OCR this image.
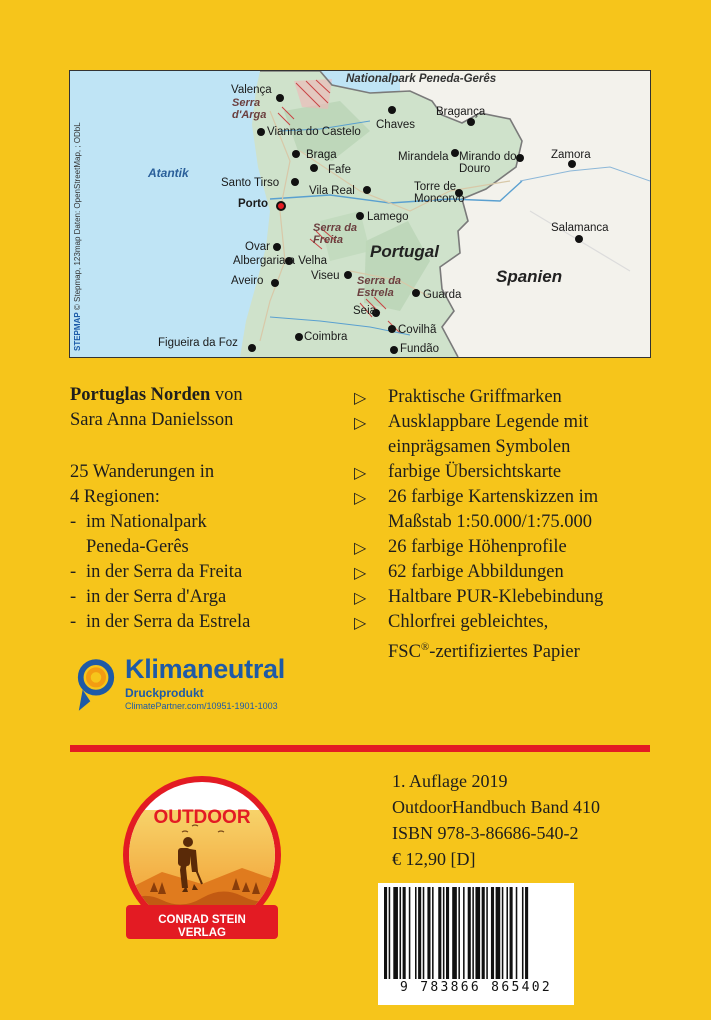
STEPMAP © Stepmap, 123map Daten: OpenStreetMap, ; ODbL
Nationalpark Peneda-Gerês
Atantik
Portugal
Spanien
Valença
Serra d'Arga
Vianna do Castelo
Braga
Fafe
Santo Tirso
Vila Real
Porto
Lamego
Serra da Freita
Ovar
Albergaria a Velha
Viseu
Aveiro	Serra da Estrela	Guarda
Seia
Covilhã
Coimbra
Fundão
Figueira da Foz
Chaves
Bragança
Mirandela Mirando do Douro
Torre de Moncorvo
Zamora
Salamanca
Portuglas Norden von
Sara Anna Danielsson
25 Wanderungen in
4 Regionen:
- im Nationalpark
Peneda-Gerês
- in der Serra da Freita
- in der Serra d'Arga
- in der Serra da Estrela
▷	Praktische Griffmarken
▷	Ausklappbare Legende mit
einprägsamen Symbolen
▷	farbige Übersichtskarte
▷	26 farbige Kartenskizzen im
Maßstab 1:50.000/1:75.000
▷	26 farbige Höhenprofile
▷	62 farbige Abbildungen
▷	Haltbare PUR-Klebebindung
▷	Chlorfrei gebleichtes,
FSC®-zertifiziertes Papier
Klimaneutral
Druckprodukt
ClimatePartner.com/10951-1901-1003
CONRAD STEIN
VERLAG
OUTDOOR
1. Auflage 2019
OutdoorHandbuch Band 410
ISBN 978-3-86686-540-2
€ 12,90 [D]
9 783866 865402
